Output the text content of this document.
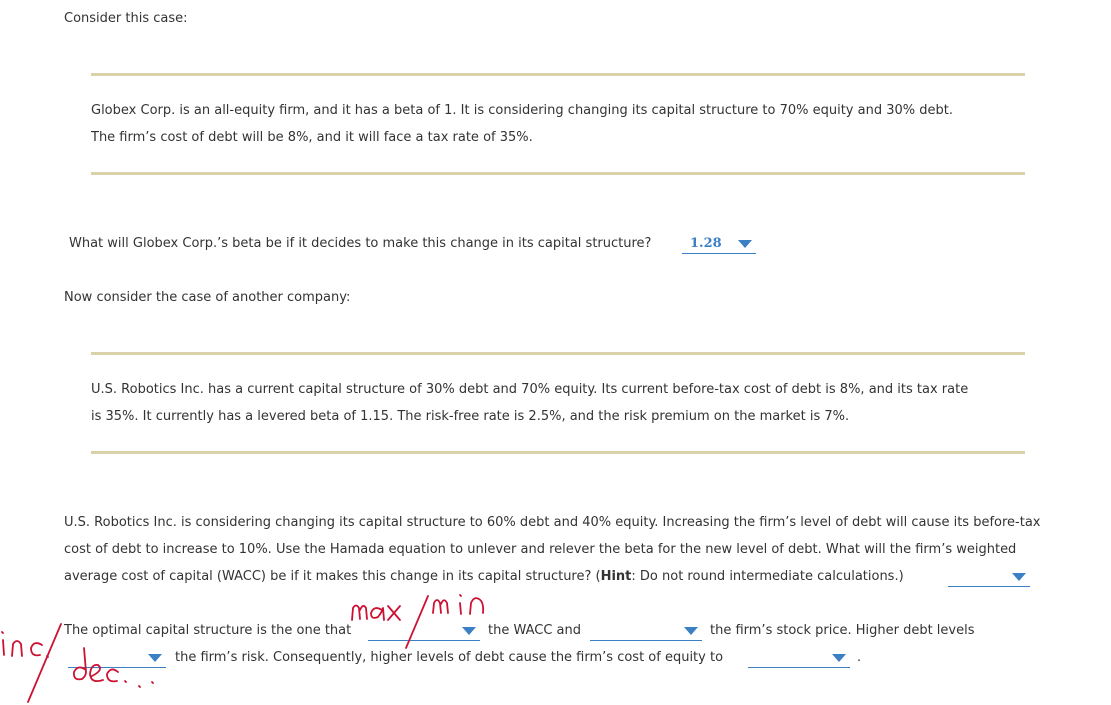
Consider this case:
Globex Corp. is an all-equity firm, and it has a beta of 1. It is considering changing its capital structure to 70% equity and 30% debt.
The firm’s cost of debt will be 8%, and it will face a tax rate of 35%.
What will Globex Corp.’s beta be if it decides to make this change in its capital structure?	1.28
Now consider the case of another company:
U.S. Robotics Inc. has a current capital structure of 30% debt and 70% equity. Its current before-tax cost of debt is 8%, and its tax rate
is 35%. It currently has a levered beta of 1.15. The risk-free rate is 2.5%, and the risk premium on the market is 7%.
U.S. Robotics Inc. is considering changing its capital structure to 60% debt and 40% equity. Increasing the firm’s level of debt will cause its before-tax
cost of debt to increase to 10%. Use the Hamada equation to unlever and relever the beta for the new level of debt. What will the firm’s weighted
average cost of capital (WACC) be if it makes this change in its capital structure? (Hint: Do not round intermediate calculations.)
The optimal capital structure is the one that	the WACC and	the firm’s stock price. Higher debt levels
the firm’s risk. Consequently, higher levels of debt cause the firm’s cost of equity to	.
